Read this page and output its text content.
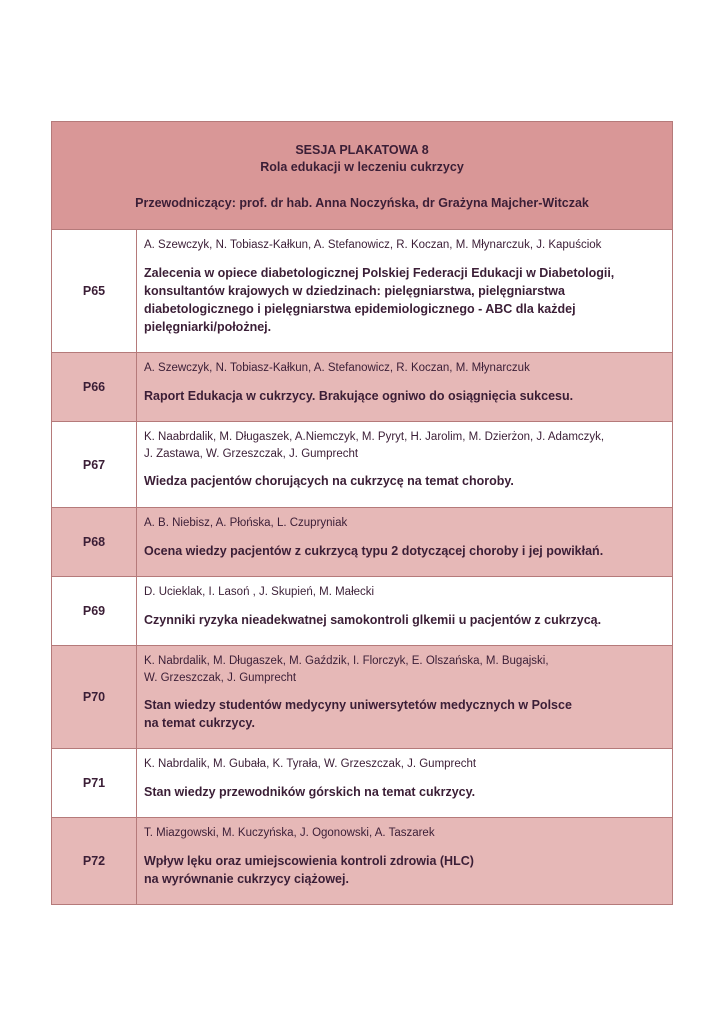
SESJA PLAKATOWA 8
Rola edukacji w leczeniu cukrzycy
Przewodniczący: prof. dr hab. Anna Noczyńska, dr Grażyna Majcher-Witczak
P65
A. Szewczyk, N. Tobiasz-Kałkun, A. Stefanowicz, R. Koczan, M. Młynarczuk, J. Kapuściok
Zalecenia w opiece diabetologicznej Polskiej Federacji Edukacji w Diabetologii,
konsultantów krajowych w dziedzinach: pielęgniarstwa, pielęgniarstwa
diabetologicznego i pielęgniarstwa epidemiologicznego - ABC dla każdej
pielęgniarki/położnej.
P66
A. Szewczyk, N. Tobiasz-Kałkun, A. Stefanowicz, R. Koczan, M. Młynarczuk
Raport Edukacja w cukrzycy. Brakujące ogniwo do osiągnięcia sukcesu.
P67
K. Naabrdalik, M. Długaszek, A.Niemczyk, M. Pyryt, H. Jarolim, M. Dzierżon, J. Adamczyk,
J. Zastawa, W. Grzeszczak, J. Gumprecht
Wiedza pacjentów chorujących na cukrzycę na temat choroby.
P68
A. B. Niebisz, A. Płońska, L. Czupryniak
Ocena wiedzy pacjentów z cukrzycą typu 2 dotyczącej choroby i jej powikłań.
P69
D. Ucieklak, I. Lasoń , J. Skupień, M. Małecki
Czynniki ryzyka nieadekwatnej samokontroli glkemii u pacjentów z cukrzycą.
P70
K. Nabrdalik, M. Długaszek, M. Gaździk, I. Florczyk, E. Olszańska, M. Bugajski,
W. Grzeszczak, J. Gumprecht
Stan wiedzy studentów medycyny uniwersytetów medycznych w Polsce
na temat cukrzycy.
P71
K. Nabrdalik, M. Gubała, K. Tyrała, W. Grzeszczak, J. Gumprecht
Stan wiedzy przewodników górskich na temat cukrzycy.
P72
T. Miazgowski, M. Kuczyńska, J. Ogonowski, A. Taszarek
Wpływ lęku oraz umiejscowienia kontroli zdrowia (HLC)
na wyrównanie cukrzycy ciążowej.
